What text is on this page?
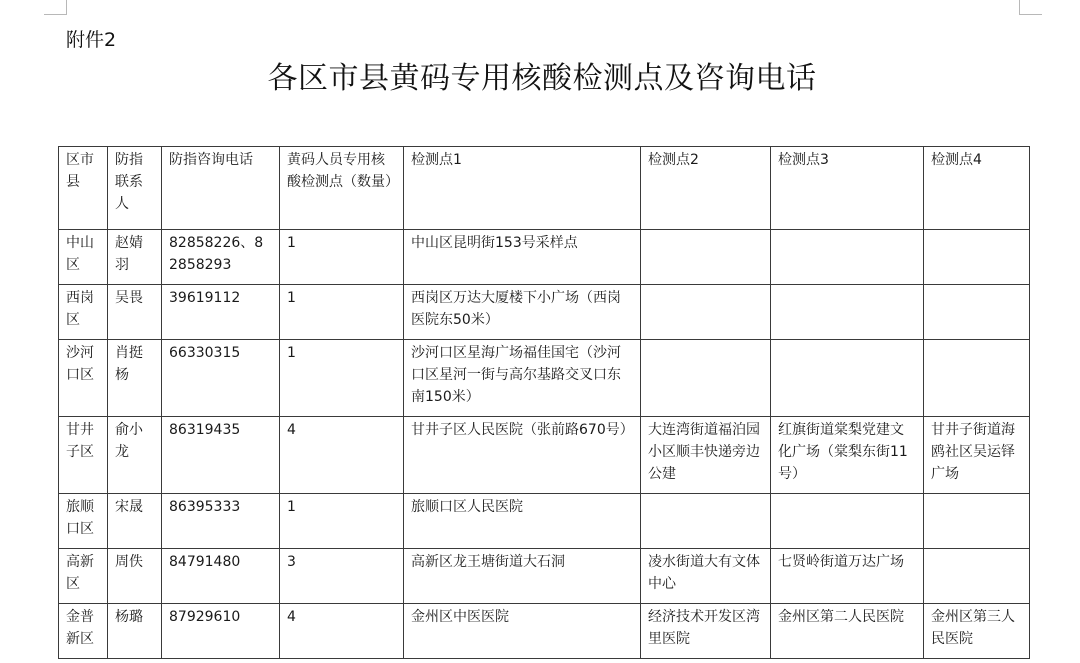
附件2
各区市县黄码专用核酸检测点及咨询电话
区市县	防指联系人	防指咨询电话	黄码人员专用核酸检测点（数量）	检测点1	检测点2	检测点3	检测点4
中山区	赵婧羽	82858226、82858293	1	中山区昆明街153号采样点			
西岗区	吴畏	39619112	1	西岗区万达大厦楼下小广场（西岗医院东50米）			
沙河口区	肖挺杨	66330315	1	沙河口区星海广场福佳国宅（沙河口区星河一街与高尔基路交叉口东南150米）			
甘井子区	俞小龙	86319435	4	甘井子区人民医院（张前路670号）	大连湾街道福泊园小区顺丰快递旁边公建	红旗街道棠梨党建文化广场（棠梨东街11号）	甘井子街道海鸥社区吴运铎广场
旅顺口区	宋晟	86395333	1	旅顺口区人民医院			
高新区	周佚	84791480	3	高新区龙王塘街道大石洞	凌水街道大有文体中心	七贤岭街道万达广场	
金普新区	杨璐	87929610	4	金州区中医医院	经济技术开发区湾里医院	金州区第二人民医院	金州区第三人民医院
